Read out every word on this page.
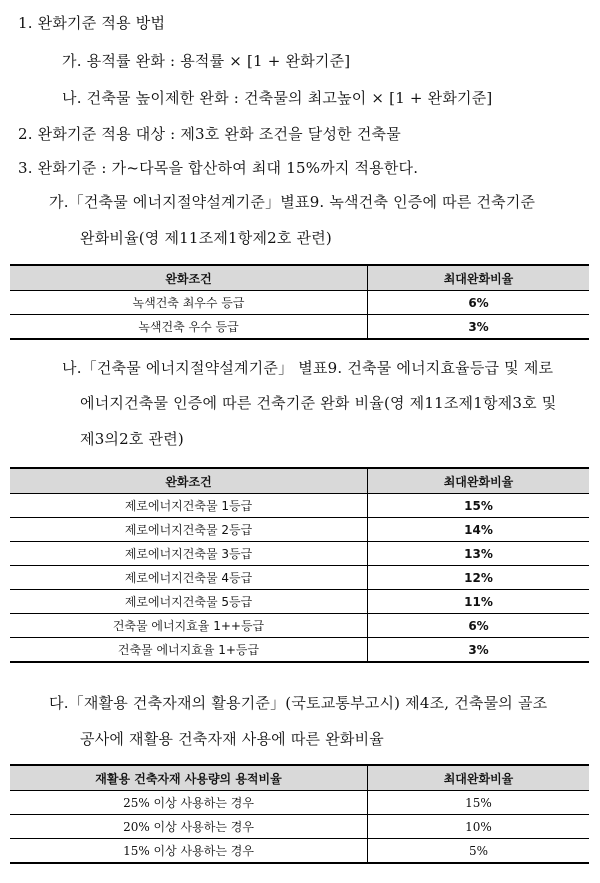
1. 완화기준 적용 방법
가. 용적률 완화 : 용적률 × [1 + 완화기준]
나. 건축물 높이제한 완화 : 건축물의 최고높이 × [1 + 완화기준]
2. 완화기준 적용 대상 : 제3호 완화 조건을 달성한 건축물
3. 완화기준 : 가~다목을 합산하여 최대 15%까지 적용한다.
가.「건축물 에너지절약설계기준」별표9. 녹색건축 인증에 따른 건축기준
완화비율(영 제11조제1항제2호 관련)
완화조건	최대완화비율
녹색건축 최우수 등급	6%
녹색건축 우수 등급	3%
나.「건축물 에너지절약설계기준」 별표9. 건축물 에너지효율등급 및 제로
에너지건축물 인증에 따른 건축기준 완화 비율(영 제11조제1항제3호 및
제3의2호 관련)
완화조건	최대완화비율
제로에너지건축물 1등급	15%
제로에너지건축물 2등급	14%
제로에너지건축물 3등급	13%
제로에너지건축물 4등급	12%
제로에너지건축물 5등급	11%
건축물 에너지효율 1++등급	6%
건축물 에너지효율 1+등급	3%
다.「재활용 건축자재의 활용기준」(국토교통부고시) 제4조, 건축물의 골조
공사에 재활용 건축자재 사용에 따른 완화비율
재활용 건축자재 사용량의 용적비율	최대완화비율
25% 이상 사용하는 경우	15%
20% 이상 사용하는 경우	10%
15% 이상 사용하는 경우	5%
